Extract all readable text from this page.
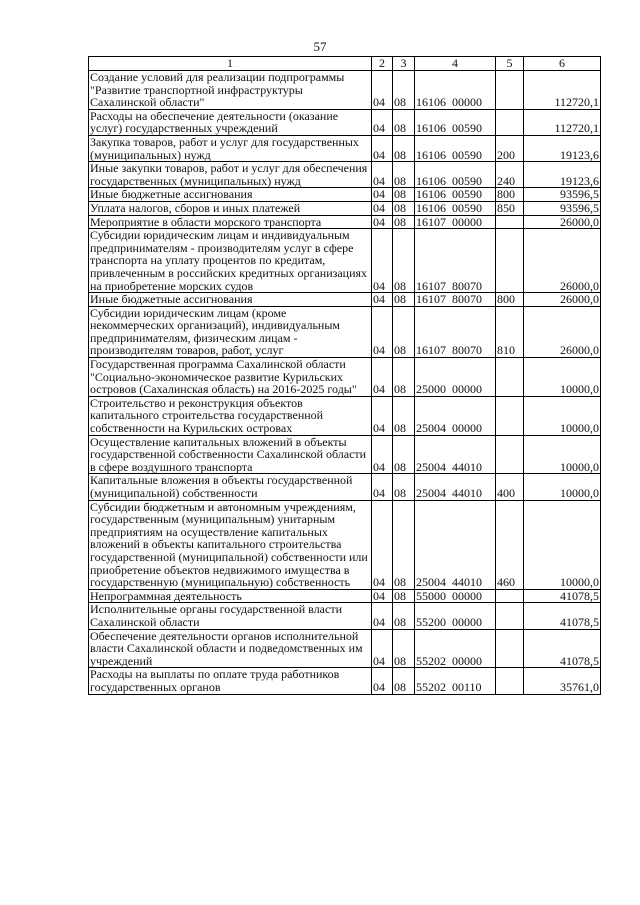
57
1	2	3	4	5	6
Создание условий для реализации подпрограммы "Развитие транспортной инфраструктуры Сахалинской области"	04	08	16106  00000		112720,1
Расходы на обеспечение деятельности (оказание услуг) государственных учреждений	04	08	16106  00590		112720,1
Закупка товаров, работ и услуг для государственных (муниципальных) нужд	04	08	16106  00590	200	19123,6
Иные закупки товаров, работ и услуг для обеспечения государственных (муниципальных) нужд	04	08	16106  00590	240	19123,6
Иные бюджетные ассигнования	04	08	16106  00590	800	93596,5
Уплата налогов, сборов и иных платежей	04	08	16106  00590	850	93596,5
Мероприятие в области морского транспорта	04	08	16107  00000		26000,0
Субсидии юридическим лицам и индивидуальным предпринимателям - производителям услуг в сфере транспорта на уплату процентов по кредитам, привлеченным в российских кредитных организациях на приобретение морских судов	04	08	16107  80070		26000,0
Иные бюджетные ассигнования	04	08	16107  80070	800	26000,0
Субсидии юридическим лицам (кроме некоммерческих организаций), индивидуальным предпринимателям, физическим лицам - производителям товаров, работ, услуг	04	08	16107  80070	810	26000,0
Государственная программа Сахалинской области "Социально-экономическое развитие Курильских островов (Сахалинская область) на 2016-2025 годы"	04	08	25000  00000		10000,0
Строительство и реконструкция объектов капитального строительства государственной собственности на Курильских островах	04	08	25004  00000		10000,0
Осуществление капитальных вложений в объекты государственной собственности Сахалинской области в сфере воздушного транспорта	04	08	25004  44010		10000,0
Капитальные вложения в объекты государственной (муниципальной) собственности	04	08	25004  44010	400	10000,0
Субсидии бюджетным и автономным учреждениям, государственным (муниципальным) унитарным предприятиям на осуществление капитальных вложений в объекты капитального строительства государственной (муниципальной) собственности или приобретение объектов недвижимого имущества в государственную (муниципальную) собственность	04	08	25004  44010	460	10000,0
Непрограммная деятельность	04	08	55000  00000		41078,5
Исполнительные органы государственной власти Сахалинской области	04	08	55200  00000		41078,5
Обеспечение деятельности органов исполнительной власти Сахалинской области и подведомственных им учреждений	04	08	55202  00000		41078,5
Расходы на выплаты по оплате труда работников государственных органов	04	08	55202  00110		35761,0
